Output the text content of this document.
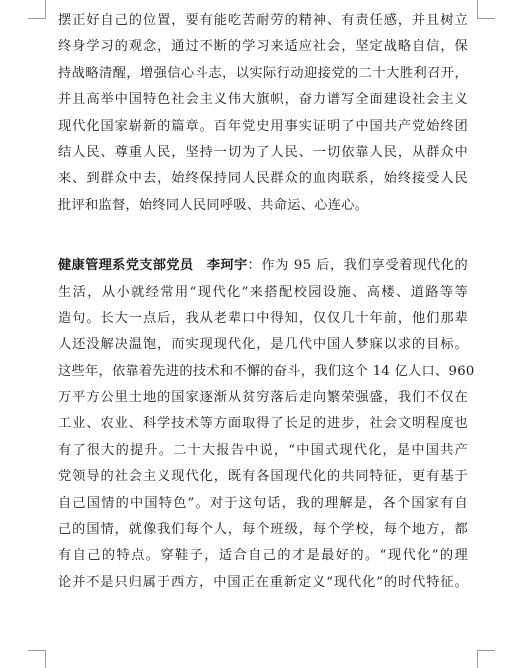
摆正好自己的位置，要有能吃苦耐劳的精神、有责任感，并且树立
终身学习的观念，通过不断的学习来适应社会，坚定战略自信，保
持战略清醒，增强信心斗志，以实际行动迎接党的二十大胜利召开，
并且高举中国特色社会主义伟大旗帜，奋力谱写全面建设社会主义
现代化国家崭新的篇章。百年党史用事实证明了中国共产党始终团
结人民、尊重人民，坚持一切为了人民、一切依靠人民，从群众中
来、到群众中去，始终保持同人民群众的血肉联系，始终接受人民
批评和监督，始终同人民同呼吸、共命运、心连心。
健康管理系党支部党员　李珂宇：作为 95 后，我们享受着现代化的
生活，从小就经常用“现代化”来搭配校园设施、高楼、道路等等
造句。长大一点后，我从老辈口中得知，仅仅几十年前，他们那辈
人还没解决温饱，而实现现代化，是几代中国人梦寐以求的目标。
这些年，依靠着先进的技术和不懈的奋斗，我们这个 14 亿人口、960
万平方公里土地的国家逐渐从贫穷落后走向繁荣强盛，我们不仅在
工业、农业、科学技术等方面取得了长足的进步，社会文明程度也
有了很大的提升。二十大报告中说，“中国式现代化，是中国共产
党领导的社会主义现代化，既有各国现代化的共同特征，更有基于
自己国情的中国特色”。对于这句话，我的理解是，各个国家有自
己的国情，就像我们每个人，每个班级，每个学校，每个地方，都
有自己的特点。穿鞋子，适合自己的才是最好的。“现代化”的理
论并不是只归属于西方，中国正在重新定义“现代化”的时代特征。
